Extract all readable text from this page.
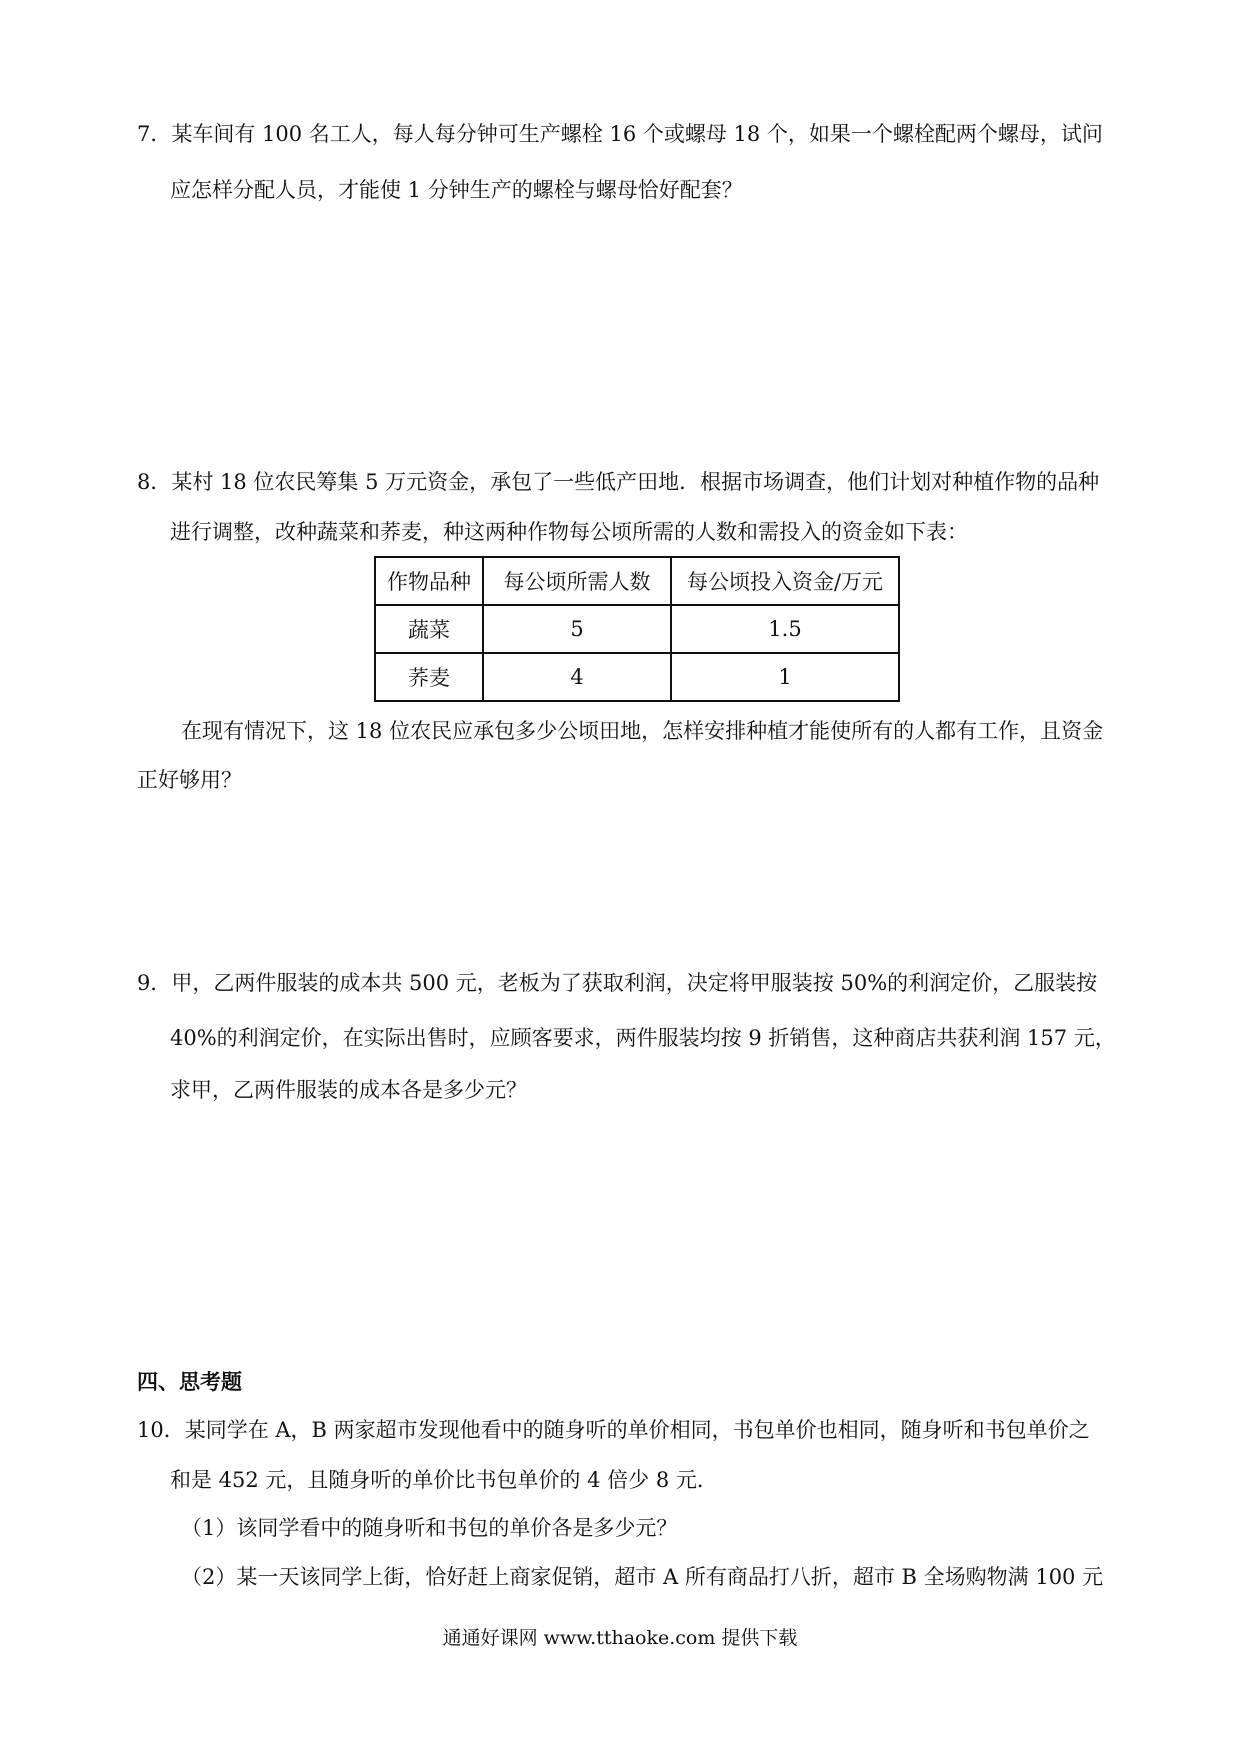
7．某车间有 100 名工人，每人每分钟可生产螺栓 16 个或螺母 18 个，如果一个螺栓配两个螺母，试问
应怎样分配人员，才能使 1 分钟生产的螺栓与螺母恰好配套？
8．某村 18 位农民筹集 5 万元资金，承包了一些低产田地．根据市场调查，他们计划对种植作物的品种
进行调整，改种蔬菜和荞麦，种这两种作物每公顷所需的人数和需投入的资金如下表：
作物品种	每公顷所需人数	每公顷投入资金/万元
蔬菜	5	1.5
荞麦	4	1
在现有情况下，这 18 位农民应承包多少公顷田地，怎样安排种植才能使所有的人都有工作，且资金
正好够用？
9．甲，乙两件服装的成本共 500 元，老板为了获取利润，决定将甲服装按 50%的利润定价，乙服装按
40%的利润定价，在实际出售时，应顾客要求，两件服装均按 9 折销售，这种商店共获利润 157 元，
求甲，乙两件服装的成本各是多少元？
四、思考题
10．某同学在 A，B 两家超市发现他看中的随身听的单价相同，书包单价也相同，随身听和书包单价之
和是 452 元，且随身听的单价比书包单价的 4 倍少 8 元．
（1）该同学看中的随身听和书包的单价各是多少元？
（2）某一天该同学上街，恰好赶上商家促销，超市 A 所有商品打八折，超市 B 全场购物满 100 元
通通好课网 www.tthaoke.com 提供下载
